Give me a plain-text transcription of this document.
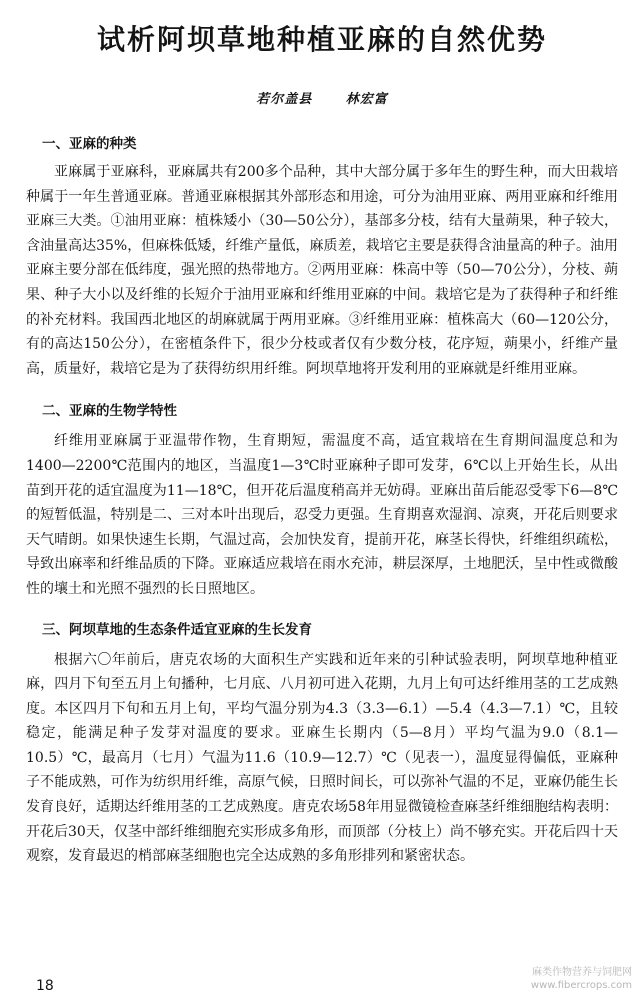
试析阿坝草地种植亚麻的自然优势
若尔盖县	林宏富
一、亚麻的种类

亚麻属于亚麻科，亚麻属共有200多个品种，其中大部分属于多年生的野生种，而大田栽培种属于一年生普通亚麻。普通亚麻根据其外部形态和用途，可分为油用亚麻、两用亚麻和纤维用亚麻三大类。①油用亚麻：植株矮小（30—50公分），基部多分枝，结有大量蒴果，种子较大，含油量高达35%，但麻株低矮，纤维产量低，麻质差，栽培它主要是获得含油量高的种子。油用亚麻主要分部在低纬度，强光照的热带地方。②两用亚麻：株高中等（50—70公分），分枝、蒴果、种子大小以及纤维的长短介于油用亚麻和纤维用亚麻的中间。栽培它是为了获得种子和纤维的补充材料。我国西北地区的胡麻就属于两用亚麻。③纤维用亚麻：植株高大（60—120公分，有的高达150公分），在密植条件下，很少分枝或者仅有少数分枝，花序短，蒴果小，纤维产量高，质量好，栽培它是为了获得纺织用纤维。阿坝草地将开发利用的亚麻就是纤维用亚麻。

二、亚麻的生物学特性

纤维用亚麻属于亚温带作物，生育期短，需温度不高，适宜栽培在生育期间温度总和为1400—2200℃范围内的地区，当温度1—3℃时亚麻种子即可发芽，6℃以上开始生长，从出苗到开花的适宜温度为11—18℃，但开花后温度稍高并无妨碍。亚麻出苗后能忍受零下6—8℃的短暂低温，特别是二、三对本叶出现后，忍受力更强。生育期喜欢湿润、凉爽，开花后则要求天气晴朗。如果快速生长期，气温过高，会加快发育，提前开花，麻茎长得快，纤维组织疏松，导致出麻率和纤维品质的下降。亚麻适应栽培在雨水充沛，耕层深厚，土地肥沃，呈中性或微酸性的壤土和光照不强烈的长日照地区。

三、阿坝草地的生态条件适宜亚麻的生长发育

根据六〇年前后，唐克农场的大面积生产实践和近年来的引种试验表明，阿坝草地种植亚麻，四月下旬至五月上旬播种，七月底、八月初可进入花期，九月上旬可达纤维用茎的工艺成熟度。本区四月下旬和五月上旬，平均气温分别为4.3（3.3—6.1）—5.4（4.3—7.1）℃，且较稳定，能满足种子发芽对温度的要求。亚麻生长期内（5—8月）平均气温为9.0（8.1—10.5）℃，最高月（七月）气温为11.6（10.9—12.7）℃（见表一），温度显得偏低，亚麻种子不能成熟，可作为纺织用纤维，高原气候，日照时间长，可以弥补气温的不足，亚麻仍能生长发育良好，适期达纤维用茎的工艺成熟度。唐克农场58年用显微镜检查麻茎纤维细胞结构表明：开花后30天，仅茎中部纤维细胞充实形成多角形，而顶部（分枝上）尚不够充实。开花后四十天观察，发育最迟的梢部麻茎细胞也完全达成熟的多角形排列和紧密状态。

18
麻类作物营养与饲肥网
www.fibercrops.com
